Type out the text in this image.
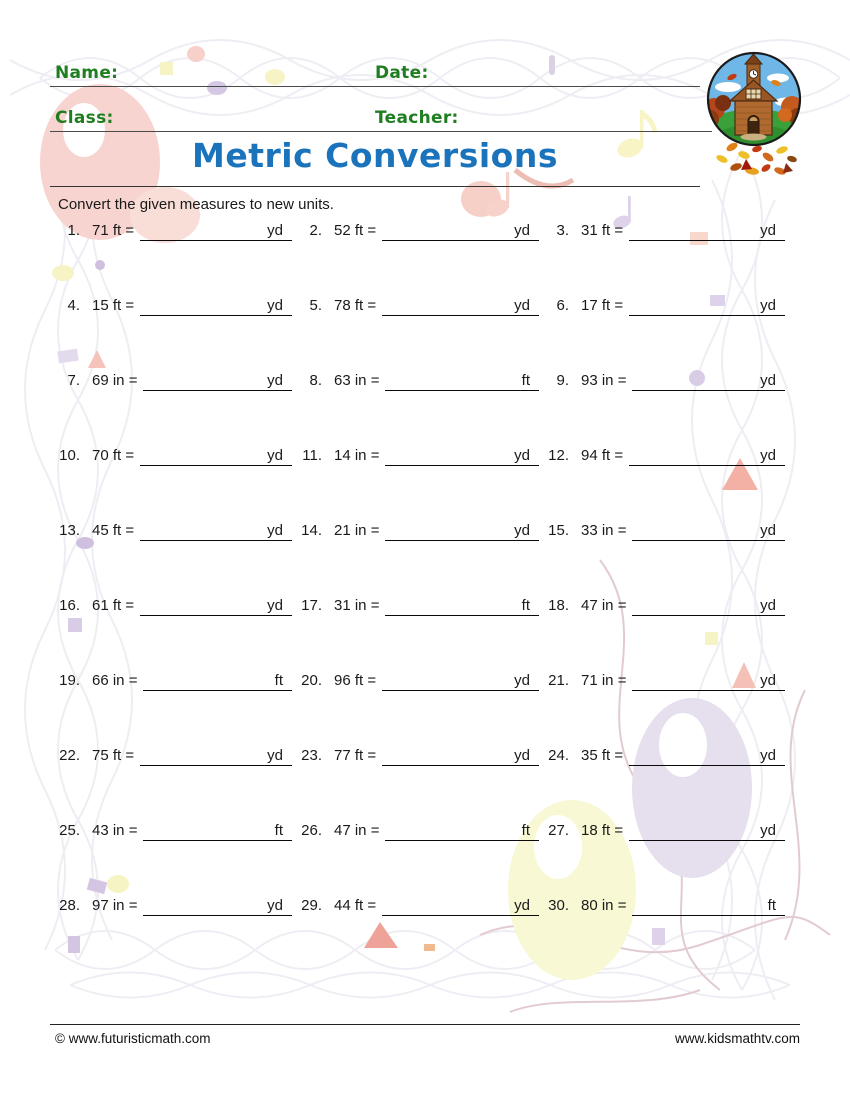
Name:	Date:
Class:	Teacher:
Metric Conversions
Convert the given measures to new units.
1. 71 ft =	yd	2. 52 ft =	yd	3. 31 ft =	yd
4. 15 ft =	yd	5. 78 ft =	yd	6. 17 ft =	yd
7. 69 in =	yd	8. 63 in =	ft	9. 93 in =	yd
10. 70 ft =	yd	11. 14 in =	yd	12. 94 ft =	yd
13. 45 ft =	yd	14. 21 in =	yd	15. 33 in =	yd
16. 61 ft =	yd	17. 31 in =	ft	18. 47 in =	yd
19. 66 in =	ft	20. 96 ft =	yd	21. 71 in =	yd
22. 75 ft =	yd	23. 77 ft =	yd	24. 35 ft =	yd
25. 43 in =	ft	26. 47 in =	ft	27. 18 ft =	yd
28. 97 in =	yd	29. 44 ft =	yd	30. 80 in =	ft
© www.futuristicmath.com	www.kidsmathtv.com
